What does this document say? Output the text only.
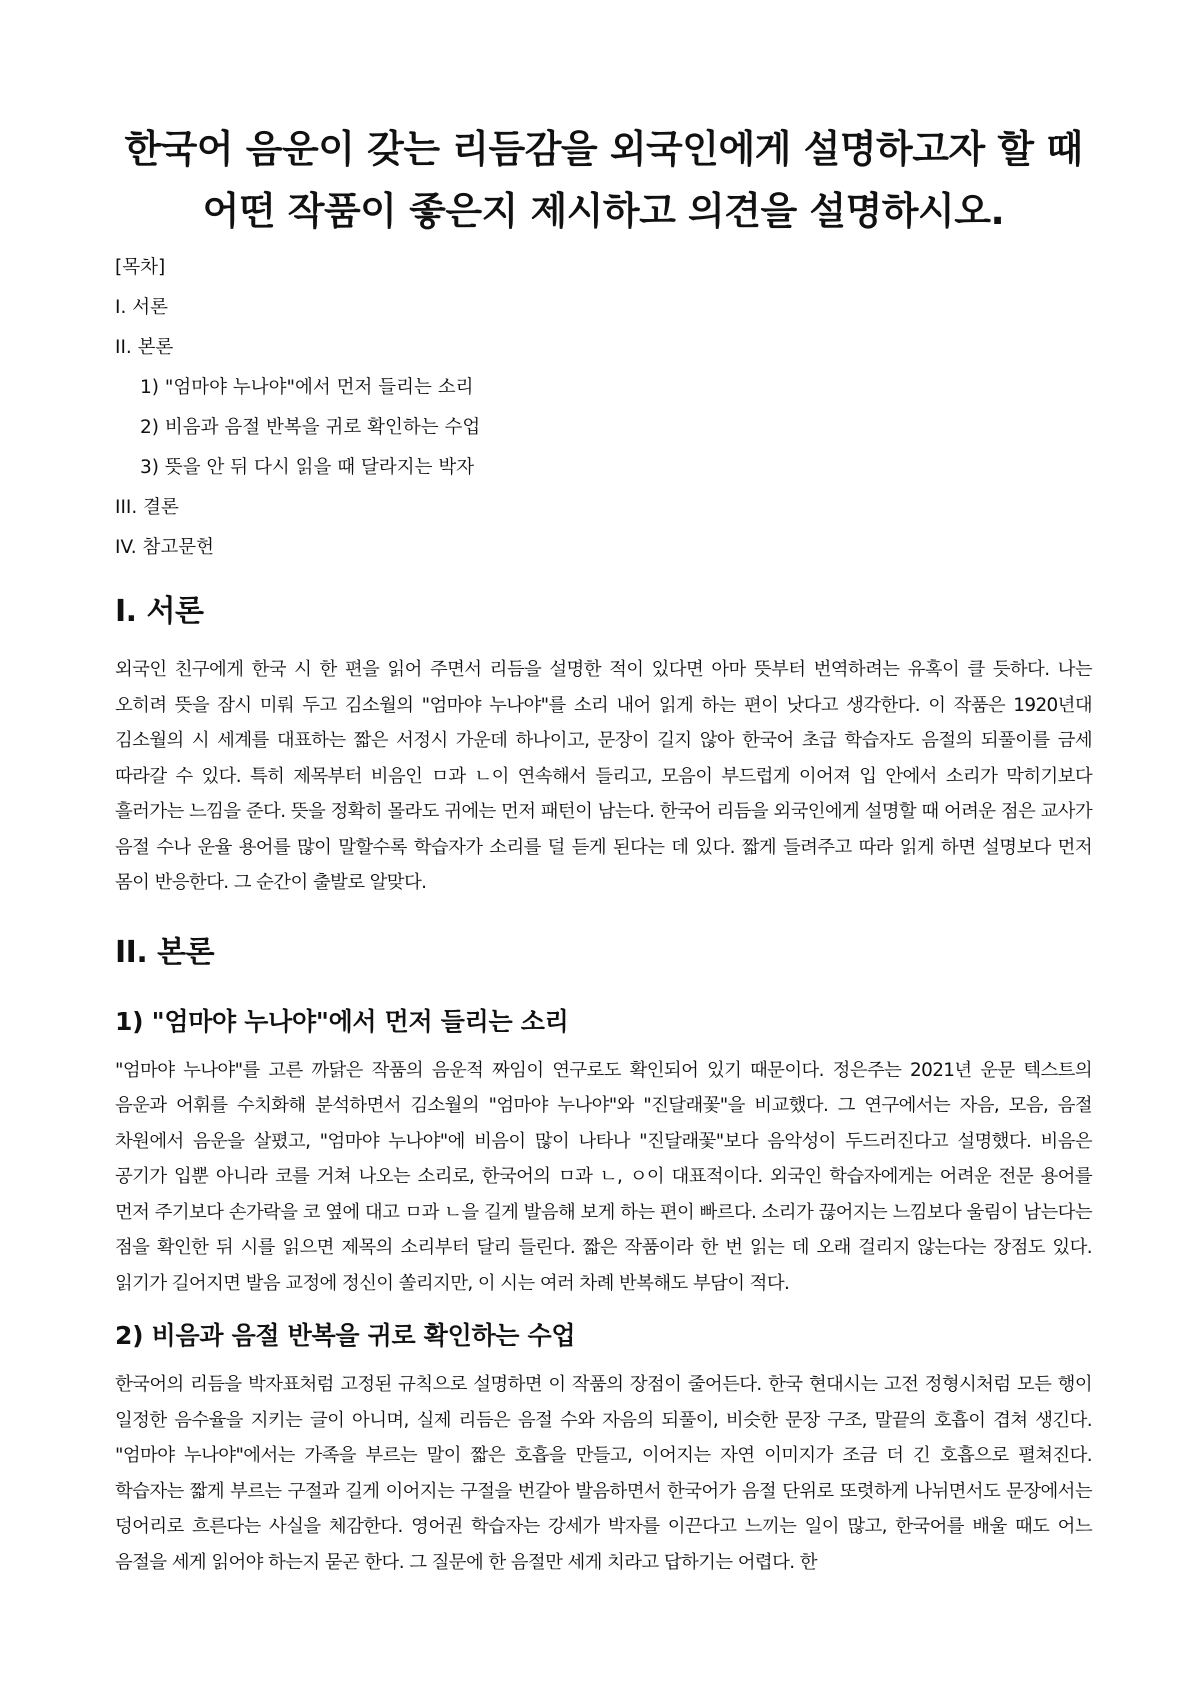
한국어 음운이 갖는 리듬감을 외국인에게 설명하고자 할 때 어떤 작품이 좋은지 제시하고 의견을 설명하시오.
[목차]
I. 서론
II. 본론
1) "엄마야 누나야"에서 먼저 들리는 소리
2) 비음과 음절 반복을 귀로 확인하는 수업
3) 뜻을 안 뒤 다시 읽을 때 달라지는 박자
III. 결론
IV. 참고문헌
I. 서론

외국인 친구에게 한국 시 한 편을 읽어 주면서 리듬을 설명한 적이 있다면 아마 뜻부터 번역하려는 유혹이 클 듯하다. 나는 오히려 뜻을 잠시 미뤄 두고 김소월의 "엄마야 누나야"를 소리 내어 읽게 하는 편이 낫다고 생각한다. 이 작품은 1920년대 김소월의 시 세계를 대표하는 짧은 서정시 가운데 하나이고, 문장이 길지 않아 한국어 초급 학습자도 음절의 되풀이를 금세 따라갈 수 있다. 특히 제목부터 비음인 ㅁ과 ㄴ이 연속해서 들리고, 모음이 부드럽게 이어져 입 안에서 소리가 막히기보다 흘러가는 느낌을 준다. 뜻을 정확히 몰라도 귀에는 먼저 패턴이 남는다. 한국어 리듬을 외국인에게 설명할 때 어려운 점은 교사가 음절 수나 운율 용어를 많이 말할수록 학습자가 소리를 덜 듣게 된다는 데 있다. 짧게 들려주고 따라 읽게 하면 설명보다 먼저 몸이 반응한다. 그 순간이 출발로 알맞다.

II. 본론
1) "엄마야 누나야"에서 먼저 들리는 소리

"엄마야 누나야"를 고른 까닭은 작품의 음운적 짜임이 연구로도 확인되어 있기 때문이다. 정은주는 2021년 운문 텍스트의 음운과 어휘를 수치화해 분석하면서 김소월의 "엄마야 누나야"와 "진달래꽃"을 비교했다. 그 연구에서는 자음, 모음, 음절 차원에서 음운을 살폈고, "엄마야 누나야"에 비음이 많이 나타나 "진달래꽃"보다 음악성이 두드러진다고 설명했다. 비음은 공기가 입뿐 아니라 코를 거쳐 나오는 소리로, 한국어의 ㅁ과 ㄴ, ㅇ이 대표적이다. 외국인 학습자에게는 어려운 전문 용어를 먼저 주기보다 손가락을 코 옆에 대고 ㅁ과 ㄴ을 길게 발음해 보게 하는 편이 빠르다. 소리가 끊어지는 느낌보다 울림이 남는다는 점을 확인한 뒤 시를 읽으면 제목의 소리부터 달리 들린다. 짧은 작품이라 한 번 읽는 데 오래 걸리지 않는다는 장점도 있다. 읽기가 길어지면 발음 교정에 정신이 쏠리지만, 이 시는 여러 차례 반복해도 부담이 적다.

2) 비음과 음절 반복을 귀로 확인하는 수업

한국어의 리듬을 박자표처럼 고정된 규칙으로 설명하면 이 작품의 장점이 줄어든다. 한국 현대시는 고전 정형시처럼 모든 행이 일정한 음수율을 지키는 글이 아니며, 실제 리듬은 음절 수와 자음의 되풀이, 비슷한 문장 구조, 말끝의 호흡이 겹쳐 생긴다. "엄마야 누나야"에서는 가족을 부르는 말이 짧은 호흡을 만들고, 이어지는 자연 이미지가 조금 더 긴 호흡으로 펼쳐진다. 학습자는 짧게 부르는 구절과 길게 이어지는 구절을 번갈아 발음하면서 한국어가 음절 단위로 또렷하게 나뉘면서도 문장에서는 덩어리로 흐른다는 사실을 체감한다. 영어권 학습자는 강세가 박자를 이끈다고 느끼는 일이 많고, 한국어를 배울 때도 어느 음절을 세게 읽어야 하는지 묻곤 한다. 그 질문에 한 음절만 세게 치라고 답하기는 어렵다. 한
